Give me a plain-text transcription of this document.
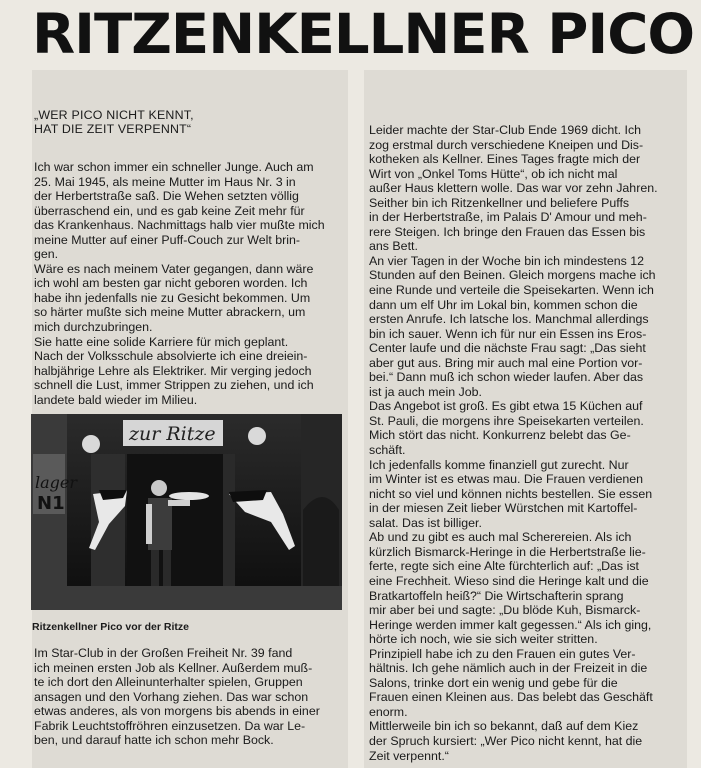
RITZENKELLNER PICO
„WER PICO NICHT KENNT,
HAT DIE ZEIT VERPENNT“

Ich war schon immer ein schneller Junge. Auch am
25. Mai 1945, als meine Mutter im Haus Nr. 3 in
der Herbertstraße saß. Die Wehen setzten völlig
überraschend ein, und es gab keine Zeit mehr für
das Krankenhaus. Nachmittags halb vier mußte mich
meine Mutter auf einer Puff-Couch zur Welt brin-
gen.

Wäre es nach meinem Vater gegangen, dann wäre
ich wohl am besten gar nicht geboren worden. Ich
habe ihn jedenfalls nie zu Gesicht bekommen. Um
so härter mußte sich meine Mutter abrackern, um
mich durchzubringen.

Sie hatte eine solide Karriere für mich geplant.
Nach der Volksschule absolvierte ich eine dreiein-
halbjährige Lehre als Elektriker. Mir verging jedoch
schnell die Lust, immer Strippen zu ziehen, und ich
landete bald wieder im Milieu.

lager
N1
zur Ritze
Ritzenkellner Pico vor der Ritze

Im Star-Club in der Großen Freiheit Nr. 39 fand
ich meinen ersten Job als Kellner. Außerdem muß-
te ich dort den Alleinunterhalter spielen, Gruppen
ansagen und den Vorhang ziehen. Das war schon
etwas anderes, als von morgens bis abends in einer
Fabrik Leuchtstoffröhren einzusetzen. Da war Le-
ben, und darauf hatte ich schon mehr Bock.

Leider machte der Star-Club Ende 1969 dicht. Ich
zog erstmal durch verschiedene Kneipen und Dis-
kotheken als Kellner. Eines Tages fragte mich der
Wirt von „Onkel Toms Hütte“, ob ich nicht mal
außer Haus klettern wolle. Das war vor zehn Jahren.
Seither bin ich Ritzenkellner und beliefere Puffs
in der Herbertstraße, im Palais D' Amour und meh-
rere Steigen. Ich bringe den Frauen das Essen bis
ans Bett.

An vier Tagen in der Woche bin ich mindestens 12
Stunden auf den Beinen. Gleich morgens mache ich
eine Runde und verteile die Speisekarten. Wenn ich
dann um elf Uhr im Lokal bin, kommen schon die
ersten Anrufe. Ich latsche los. Manchmal allerdings
bin ich sauer. Wenn ich für nur ein Essen ins Eros-
Center laufe und die nächste Frau sagt: „Das sieht
aber gut aus. Bring mir auch mal eine Portion vor-
bei.“ Dann muß ich schon wieder laufen. Aber das
ist ja auch mein Job.

Das Angebot ist groß. Es gibt etwa 15 Küchen auf
St. Pauli, die morgens ihre Speisekarten verteilen.
Mich stört das nicht. Konkurrenz belebt das Ge-
schäft.

Ich jedenfalls komme finanziell gut zurecht. Nur
im Winter ist es etwas mau. Die Frauen verdienen
nicht so viel und können nichts bestellen. Sie essen
in der miesen Zeit lieber Würstchen mit Kartoffel-
salat. Das ist billiger.

Ab und zu gibt es auch mal Scherereien. Als ich
kürzlich Bismarck-Heringe in die Herbertstraße lie-
ferte, regte sich eine Alte fürchterlich auf: „Das ist
eine Frechheit. Wieso sind die Heringe kalt und die
Bratkartoffeln heiß?“ Die Wirtschafterin sprang
mir aber bei und sagte: „Du blöde Kuh, Bismarck-
Heringe werden immer kalt gegessen.“ Als ich ging,
hörte ich noch, wie sie sich weiter stritten.

Prinzipiell habe ich zu den Frauen ein gutes Ver-
hältnis. Ich gehe nämlich auch in der Freizeit in die
Salons, trinke dort ein wenig und gebe für die
Frauen einen Kleinen aus. Das belebt das Geschäft
enorm.

Mittlerweile bin ich so bekannt, daß auf dem Kiez
der Spruch kursiert: „Wer Pico nicht kennt, hat die
Zeit verpennt.“
